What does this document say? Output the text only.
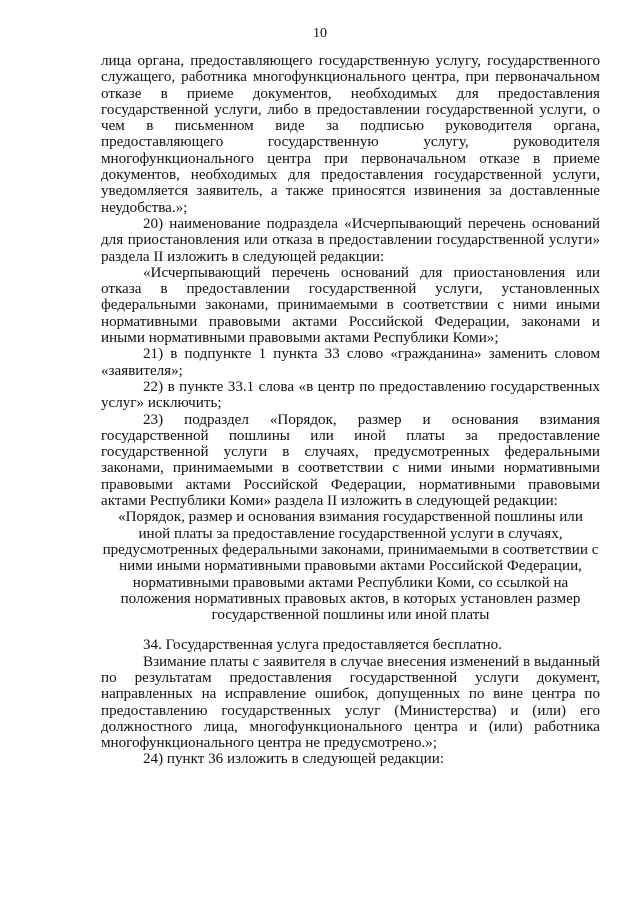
10

лица органа, предоставляющего государственную услугу, государственного служащего, работника многофункционального центра, при первоначальном отказе в приеме документов, необходимых для предоставления государственной услуги, либо в предоставлении государственной услуги, о чем в письменном виде за подписью руководителя органа, предоставляющего государственную услугу, руководителя многофункционального центра при первоначальном отказе в приеме документов, необходимых для предоставления государственной услуги, уведомляется заявитель, а также приносятся извинения за доставленные неудобства.»;

20) наименование подраздела «Исчерпывающий перечень оснований для приостановления или отказа в предоставлении государственной услуги» раздела II изложить в следующей редакции:

«Исчерпывающий перечень оснований для приостановления или отказа в предоставлении государственной услуги, установленных федеральными законами, принимаемыми в соответствии с ними иными нормативными правовыми актами Российской Федерации, законами и иными нормативными правовыми актами Республики Коми»;

21) в подпункте 1 пункта 33 слово «гражданина» заменить словом «заявителя»;

22) в пункте 33.1 слова «в центр по предоставлению государственных услуг» исключить;

23) подраздел «Порядок, размер и основания взимания государственной пошлины или иной платы за предоставление государственной услуги в случаях, предусмотренных федеральными законами, принимаемыми в соответствии с ними иными нормативными правовыми актами Российской Федерации, нормативными правовыми актами Республики Коми» раздела II изложить в следующей редакции:

«Порядок, размер и основания взимания государственной пошлины или иной платы за предоставление государственной услуги в случаях, предусмотренных федеральными законами, принимаемыми в соответствии с ними иными нормативными правовыми актами Российской Федерации, нормативными правовыми актами Республики Коми, со ссылкой на положения нормативных правовых актов, в которых установлен размер государственной пошлины или иной платы

34. Государственная услуга предоставляется бесплатно.

Взимание платы с заявителя в случае внесения изменений в выданный по результатам предоставления государственной услуги документ, направленных на исправление ошибок, допущенных по вине центра по предоставлению государственных услуг (Министерства) и (или) его должностного лица, многофункционального центра и (или) работника многофункционального центра не предусмотрено.»;

24) пункт 36 изложить в следующей редакции:
